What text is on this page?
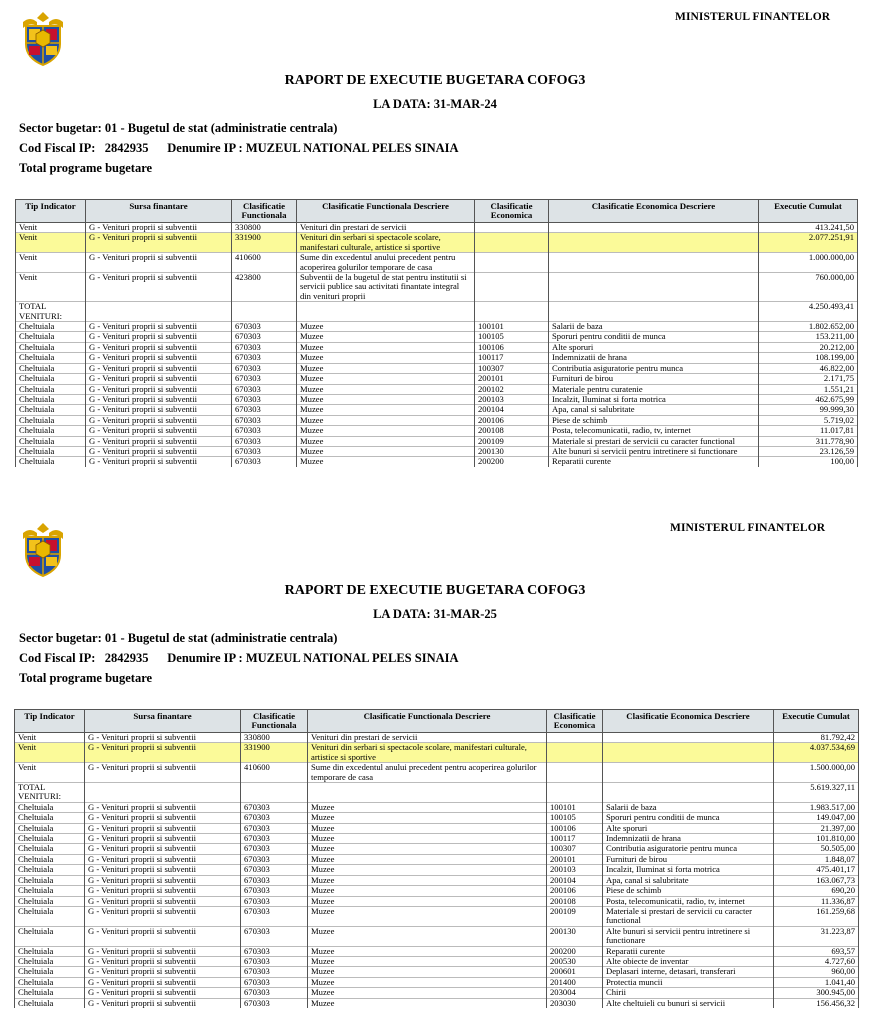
MINISTERUL FINANTELOR
RAPORT DE EXECUTIE BUGETARA COFOG3
LA DATA: 31-MAR-24
Sector bugetar: 01 - Bugetul de stat (administratie centrala)
Cod Fiscal IP: 2842935 Denumire IP : MUZEUL NATIONAL PELES SINAIA
Total programe bugetare
Tip Indicator	Sursa finantare	Clasificatie Functionala	Clasificatie Functionala Descriere	Clasificatie Economica	Clasificatie Economica Descriere	Executie Cumulat
Venit	G - Venituri proprii si subventii	330800	Venituri din prestari de servicii			413.241,50
Venit	G - Venituri proprii si subventii	331900	Venituri din serbari si spectacole scolare, manifestari culturale, artistice si sportive			2.077.251,91
Venit	G - Venituri proprii si subventii	410600	Sume din excedentul anului precedent pentru acoperirea golurilor temporare de casa			1.000.000,00
Venit	G - Venituri proprii si subventii	423800	Subventii de la bugetul de stat pentru institutii si servicii publice sau activitati finantate integral din venituri proprii			760.000,00
TOTAL VENITURI:						4.250.493,41
Cheltuiala	G - Venituri proprii si subventii	670303	Muzee	100101	Salarii de baza	1.802.652,00
Cheltuiala	G - Venituri proprii si subventii	670303	Muzee	100105	Sporuri pentru conditii de munca	153.211,00
Cheltuiala	G - Venituri proprii si subventii	670303	Muzee	100106	Alte sporuri	20.212,00
Cheltuiala	G - Venituri proprii si subventii	670303	Muzee	100117	Indemnizatii de hrana	108.199,00
Cheltuiala	G - Venituri proprii si subventii	670303	Muzee	100307	Contributia asiguratorie pentru munca	46.822,00
Cheltuiala	G - Venituri proprii si subventii	670303	Muzee	200101	Furnituri de birou	2.171,75
Cheltuiala	G - Venituri proprii si subventii	670303	Muzee	200102	Materiale pentru curatenie	1.551,21
Cheltuiala	G - Venituri proprii si subventii	670303	Muzee	200103	Incalzit, Iluminat si forta motrica	462.675,99
Cheltuiala	G - Venituri proprii si subventii	670303	Muzee	200104	Apa, canal si salubritate	99.999,30
Cheltuiala	G - Venituri proprii si subventii	670303	Muzee	200106	Piese de schimb	5.719,02
Cheltuiala	G - Venituri proprii si subventii	670303	Muzee	200108	Posta, telecomunicatii, radio, tv, internet	11.017,81
Cheltuiala	G - Venituri proprii si subventii	670303	Muzee	200109	Materiale si prestari de servicii cu caracter functional	311.778,90
Cheltuiala	G - Venituri proprii si subventii	670303	Muzee	200130	Alte bunuri si servicii pentru intretinere si functionare	23.126,59
Cheltuiala	G - Venituri proprii si subventii	670303	Muzee	200200	Reparatii curente	100,00
MINISTERUL FINANTELOR
RAPORT DE EXECUTIE BUGETARA COFOG3
LA DATA: 31-MAR-25
Sector bugetar: 01 - Bugetul de stat (administratie centrala)
Cod Fiscal IP: 2842935 Denumire IP : MUZEUL NATIONAL PELES SINAIA
Total programe bugetare
Tip Indicator	Sursa finantare	Clasificatie Functionala	Clasificatie Functionala Descriere	Clasificatie Economica	Clasificatie Economica Descriere	Executie Cumulat
Venit	G - Venituri proprii si subventii	330800	Venituri din prestari de servicii			81.792,42
Venit	G - Venituri proprii si subventii	331900	Venituri din serbari si spectacole scolare, manifestari culturale, artistice si sportive			4.037.534,69
Venit	G - Venituri proprii si subventii	410600	Sume din excedentul anului precedent pentru acoperirea golurilor temporare de casa			1.500.000,00
TOTAL VENITURI:						5.619.327,11
Cheltuiala	G - Venituri proprii si subventii	670303	Muzee	100101	Salarii de baza	1.983.517,00
Cheltuiala	G - Venituri proprii si subventii	670303	Muzee	100105	Sporuri pentru conditii de munca	149.047,00
Cheltuiala	G - Venituri proprii si subventii	670303	Muzee	100106	Alte sporuri	21.397,00
Cheltuiala	G - Venituri proprii si subventii	670303	Muzee	100117	Indemnizatii de hrana	101.810,00
Cheltuiala	G - Venituri proprii si subventii	670303	Muzee	100307	Contributia asiguratorie pentru munca	50.505,00
Cheltuiala	G - Venituri proprii si subventii	670303	Muzee	200101	Furnituri de birou	1.848,07
Cheltuiala	G - Venituri proprii si subventii	670303	Muzee	200103	Incalzit, Iluminat si forta motrica	475.401,17
Cheltuiala	G - Venituri proprii si subventii	670303	Muzee	200104	Apa, canal si salubritate	163.067,73
Cheltuiala	G - Venituri proprii si subventii	670303	Muzee	200106	Piese de schimb	690,20
Cheltuiala	G - Venituri proprii si subventii	670303	Muzee	200108	Posta, telecomunicatii, radio, tv, internet	11.336,87
Cheltuiala	G - Venituri proprii si subventii	670303	Muzee	200109	Materiale si prestari de servicii cu caracter functional	161.259,68
Cheltuiala	G - Venituri proprii si subventii	670303	Muzee	200130	Alte bunuri si servicii pentru intretinere si functionare	31.223,87
Cheltuiala	G - Venituri proprii si subventii	670303	Muzee	200200	Reparatii curente	693,57
Cheltuiala	G - Venituri proprii si subventii	670303	Muzee	200530	Alte obiecte de inventar	4.727,60
Cheltuiala	G - Venituri proprii si subventii	670303	Muzee	200601	Deplasari interne, detasari, transferari	960,00
Cheltuiala	G - Venituri proprii si subventii	670303	Muzee	201400	Protectia muncii	1.041,40
Cheltuiala	G - Venituri proprii si subventii	670303	Muzee	203004	Chirii	300.945,00
Cheltuiala	G - Venituri proprii si subventii	670303	Muzee	203030	Alte cheltuieli cu bunuri si servicii	156.456,32
